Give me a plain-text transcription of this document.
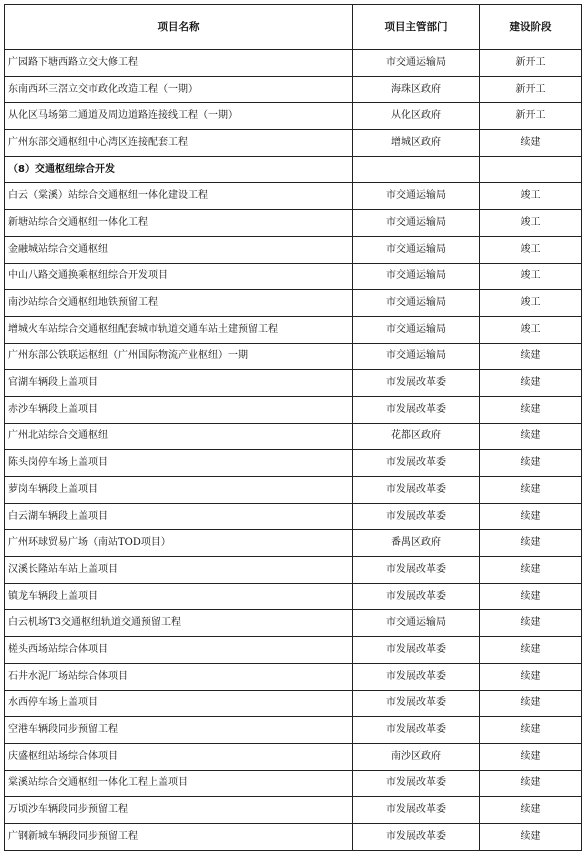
项目名称	项目主管部门	建设阶段
广园路下塘西路立交大修工程	市交通运输局	新开工
东南西环三滘立交市政化改造工程（一期）	海珠区政府	新开工
从化区马场第二通道及周边道路连接线工程（一期）	从化区政府	新开工
广州东部交通枢纽中心湾区连接配套工程	增城区政府	续建
（8）交通枢纽综合开发		
白云（棠溪）站综合交通枢纽一体化建设工程	市交通运输局	竣工
新塘站综合交通枢纽一体化工程	市交通运输局	竣工
金融城站综合交通枢纽	市交通运输局	竣工
中山八路交通换乘枢纽综合开发项目	市交通运输局	竣工
南沙站综合交通枢纽地铁预留工程	市交通运输局	竣工
增城火车站综合交通枢纽配套城市轨道交通车站土建预留工程	市交通运输局	竣工
广州东部公铁联运枢纽（广州国际物流产业枢纽）一期	市交通运输局	续建
官湖车辆段上盖项目	市发展改革委	续建
赤沙车辆段上盖项目	市发展改革委	续建
广州北站综合交通枢纽	花都区政府	续建
陈头岗停车场上盖项目	市发展改革委	续建
萝岗车辆段上盖项目	市发展改革委	续建
白云湖车辆段上盖项目	市发展改革委	续建
广州环球贸易广场（南站TOD项目）	番禺区政府	续建
汉溪长隆站车站上盖项目	市发展改革委	续建
镇龙车辆段上盖项目	市发展改革委	续建
白云机场T3交通枢纽轨道交通预留工程	市交通运输局	续建
槎头西场站综合体项目	市发展改革委	续建
石井水泥厂场站综合体项目	市发展改革委	续建
水西停车场上盖项目	市发展改革委	续建
空港车辆段同步预留工程	市发展改革委	续建
庆盛枢纽站场综合体项目	南沙区政府	续建
棠溪站综合交通枢纽一体化工程上盖项目	市发展改革委	续建
万顷沙车辆段同步预留工程	市发展改革委	续建
广钢新城车辆段同步预留工程	市发展改革委	续建
